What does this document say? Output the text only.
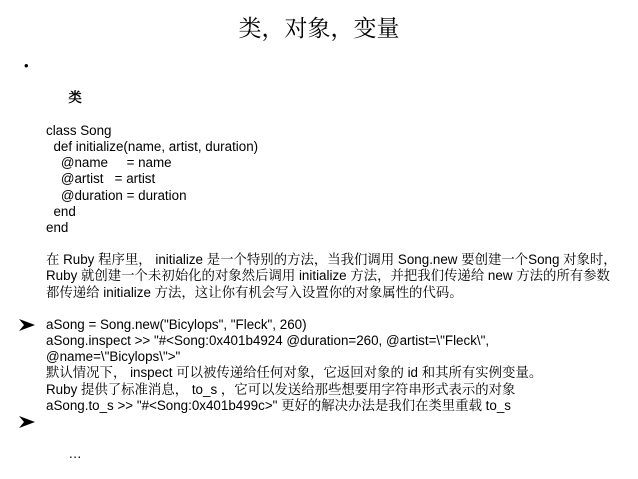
类，对象，变量

•

类

class Song
def initialize(name, artist, duration)
@name     = name
@artist   = artist
@duration = duration
end
end
在 Ruby 程序里， initialize 是一个特别的方法，当我们调用 Song.new 要创建一个Song 对象时， Ruby 就创建一个未初始化的对象然后调用 initialize 方法，并把我们传递给 new 方法的所有参数都传递给 initialize 方法，这让你有机会写入设置你的对象属性的代码。
aSong = Song.new("Bicylops", "Fleck", 260)
aSong.inspect >> "#<Song:0x401b4924 @duration=260, @artist=\"Fleck\", @name=\"Bicylops\">"
默认情况下， inspect 可以被传递给任何对象，它返回对象的 id 和其所有实例变量。
Ruby 提供了标准消息， to_s ，它可以发送给那些想要用字符串形式表示的对象
aSong.to_s >> "#<Song:0x401b499c>" 更好的解决办法是我们在类里重载 to_s

…
